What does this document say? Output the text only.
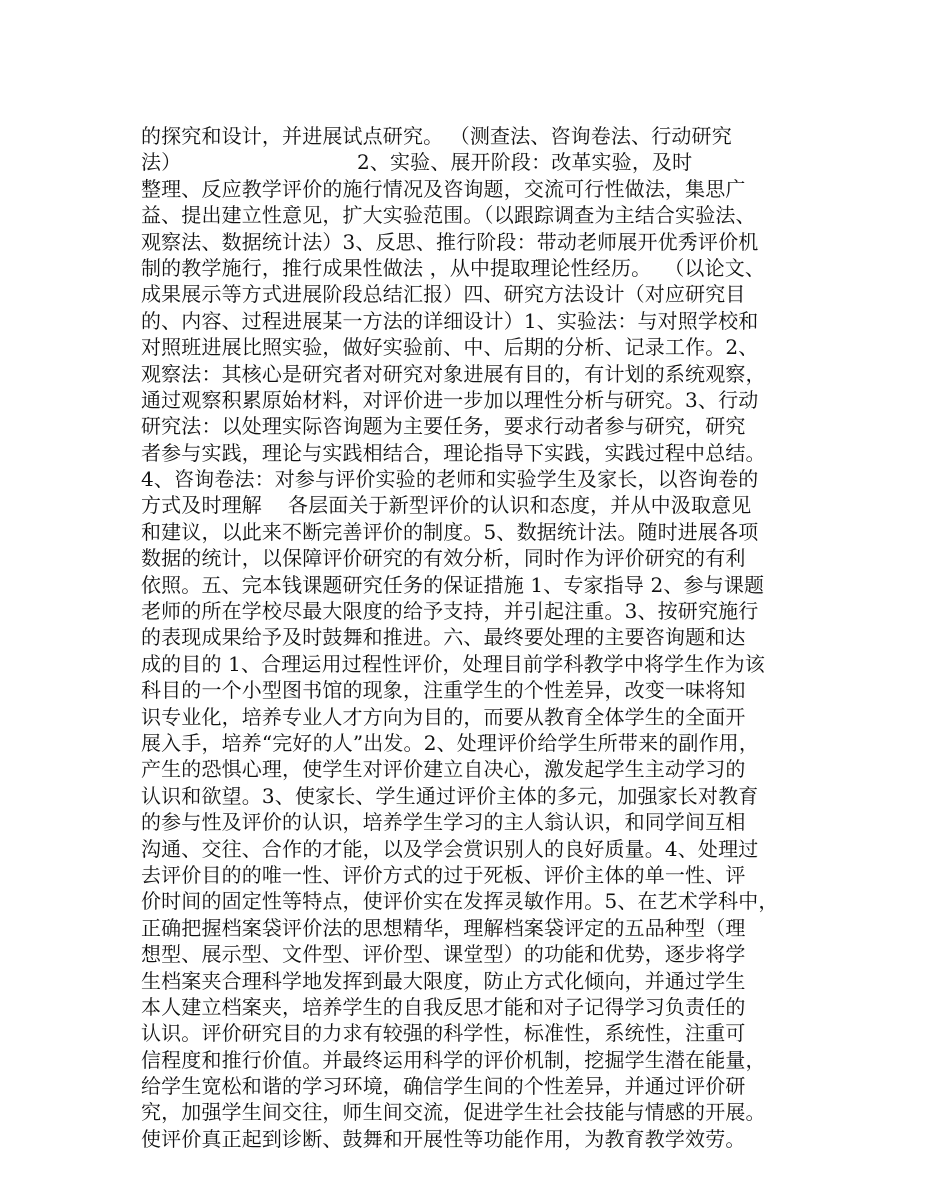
的探究和设计，并进展试点研究。 （测查法、咨询卷法、行动研究
法）                           2、实验、展开阶段：改革实验，及时
整理、反应教学评价的施行情况及咨询题，交流可行性做法，集思广
益、提出建立性意见，扩大实验范围。（以跟踪调查为主结合实验法、
观察法、数据统计法）3、反思、推行阶段：带动老师展开优秀评价机
制的教学施行，推行成果性做法 ，从中提取理论性经历。  （以论文、
成果展示等方式进展阶段总结汇报）四、研究方法设计（对应研究目
的、内容、过程进展某一方法的详细设计）1、实验法：与对照学校和
对照班进展比照实验，做好实验前、中、后期的分析、记录工作。2、
观察法：其核心是研究者对研究对象进展有目的，有计划的系统观察，
通过观察积累原始材料，对评价进一步加以理性分析与研究。3、行动
研究法：以处理实际咨询题为主要任务，要求行动者参与研究，研究
者参与实践，理论与实践相结合，理论指导下实践，实践过程中总结。
4、咨询卷法：对参与评价实验的老师和实验学生及家长，以咨询卷的
方式及时理解    各层面关于新型评价的认识和态度，并从中汲取意见
和建议，以此来不断完善评价的制度。5、数据统计法。随时进展各项
数据的统计，以保障评价研究的有效分析，同时作为评价研究的有利
依照。五、完本钱课题研究任务的保证措施 1、专家指导 2、参与课题
老师的所在学校尽最大限度的给予支持，并引起注重。3、按研究施行
的表现成果给予及时鼓舞和推进。六、最终要处理的主要咨询题和达
成的目的 1、合理运用过程性评价，处理目前学科教学中将学生作为该
科目的一个小型图书馆的现象，注重学生的个性差异，改变一味将知
识专业化，培养专业人才方向为目的，而要从教育全体学生的全面开
展入手，培养“完好的人”出发。2、处理评价给学生所带来的副作用，
产生的恐惧心理，使学生对评价建立自决心，激发起学生主动学习的
认识和欲望。3、使家长、学生通过评价主体的多元，加强家长对教育
的参与性及评价的认识，培养学生学习的主人翁认识，和同学间互相
沟通、交往、合作的才能，以及学会赏识别人的良好质量。4、处理过
去评价目的的唯一性、评价方式的过于死板、评价主体的单一性、评
价时间的固定性等特点，使评价实在发挥灵敏作用。5、在艺术学科中，
正确把握档案袋评价法的思想精华，理解档案袋评定的五品种型（理
想型、展示型、文件型、评价型、课堂型）的功能和优势，逐步将学
生档案夹合理科学地发挥到最大限度，防止方式化倾向，并通过学生
本人建立档案夹，培养学生的自我反思才能和对子记得学习负责任的
认识。评价研究目的力求有较强的科学性，标准性，系统性，注重可
信程度和推行价值。并最终运用科学的评价机制，挖掘学生潜在能量，
给学生宽松和谐的学习环境，确信学生间的个性差异，并通过评价研
究，加强学生间交往，师生间交流，促进学生社会技能与情感的开展。
使评价真正起到诊断、鼓舞和开展性等功能作用，为教育教学效劳。
